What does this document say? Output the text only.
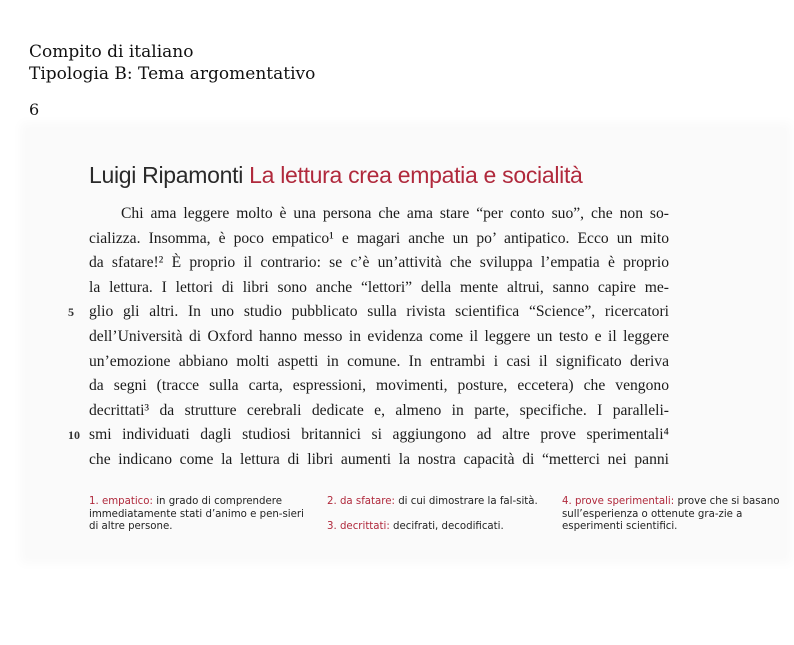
Compito di italiano
Tipologia B: Tema argomentativo
6
Luigi Ripamonti La lettura crea empatia e socialità
Chi ama leggere molto è una persona che ama stare “per conto suo”, che non so-
cializza. Insomma, è poco empatico¹ e magari anche un po’ antipatico. Ecco un mito
da sfatare!² È proprio il contrario: se c’è un’attività che sviluppa l’empatia è proprio
la lettura. I lettori di libri sono anche “lettori” della mente altrui, sanno capire me-
5 glio gli altri. In uno studio pubblicato sulla rivista scientifica “Science”, ricercatori
dell’Università di Oxford hanno messo in evidenza come il leggere un testo e il leggere
un’emozione abbiano molti aspetti in comune. In entrambi i casi il significato deriva
da segni (tracce sulla carta, espressioni, movimenti, posture, eccetera) che vengono
decrittati³ da strutture cerebrali dedicate e, almeno in parte, specifiche. I paralleli-
10 smi individuati dagli studiosi britannici si aggiungono ad altre prove sperimentali⁴
che indicano come la lettura di libri aumenti la nostra capacità di “metterci nei panni
1. empatico: in grado di comprendere immediatamente stati d’animo e pen-sieri di altre persone.
2. da sfatare: di cui dimostrare la fal-sità.
3. decrittati: decifrati, decodificati.
4. prove sperimentali: prove che si basano sull’esperienza o ottenute gra-zie a esperimenti scientifici.
